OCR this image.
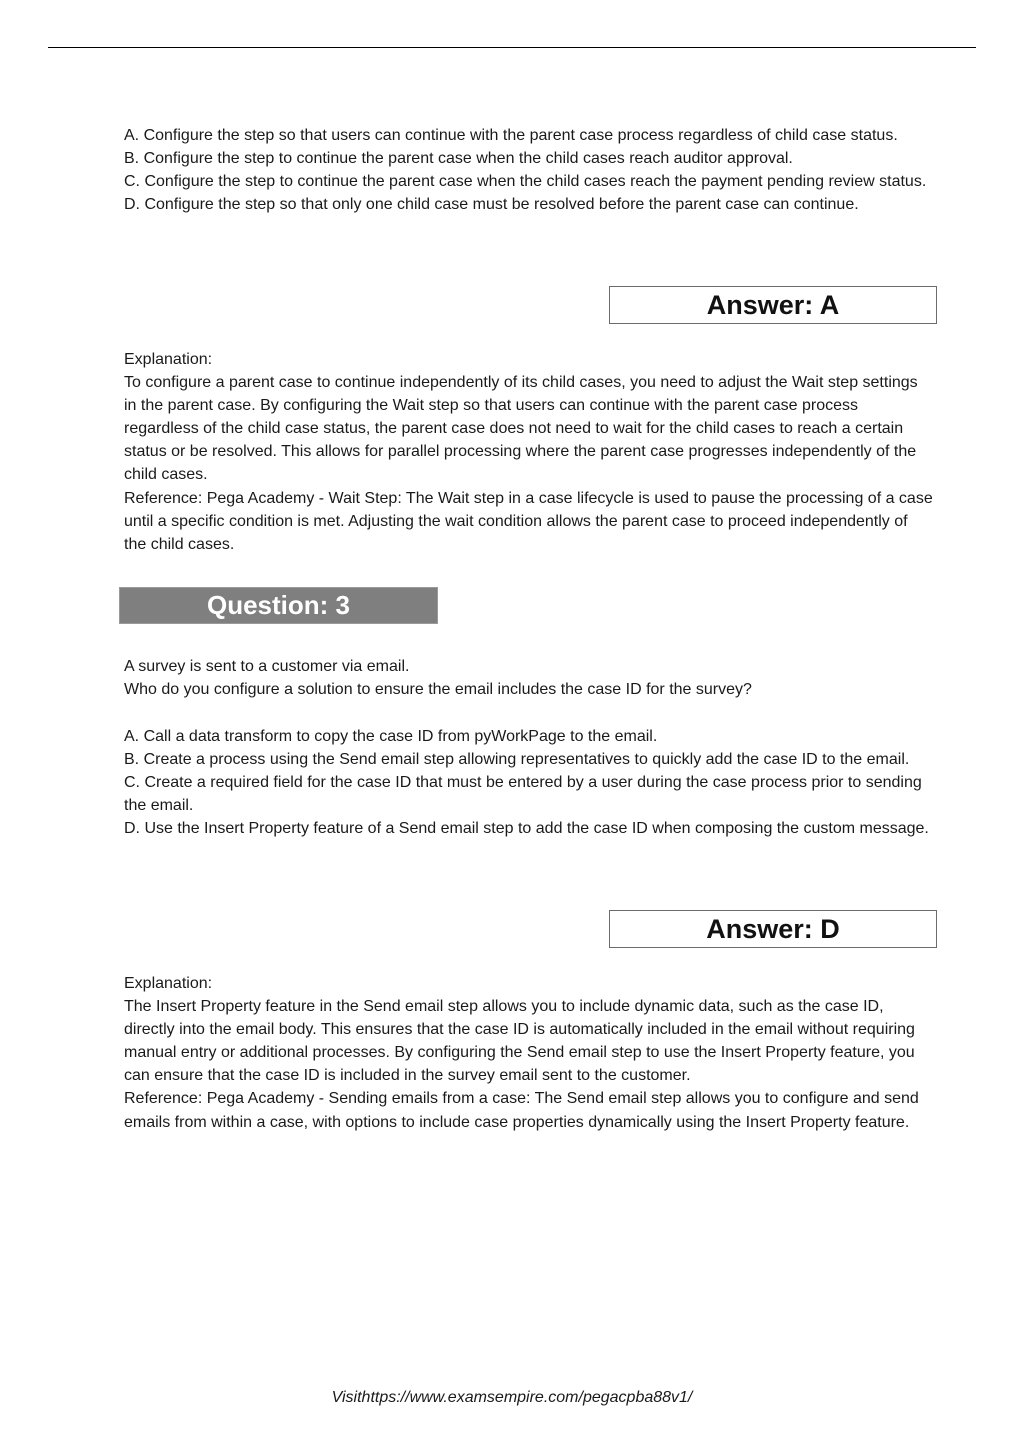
A. Configure the step so that users can continue with the parent case process regardless of child case status.

B. Configure the step to continue the parent case when the child cases reach auditor approval.

C. Configure the step to continue the parent case when the child cases reach the payment pending review status.

D. Configure the step so that only one child case must be resolved before the parent case can continue.

Answer: A

Explanation:

To configure a parent case to continue independently of its child cases, you need to adjust the Wait step settings in the parent case. By configuring the Wait step so that users can continue with the parent case process regardless of the child case status, the parent case does not need to wait for the child cases to reach a certain status or be resolved. This allows for parallel processing where the parent case progresses independently of the child cases.

Reference: Pega Academy - Wait Step: The Wait step in a case lifecycle is used to pause the processing of a case until a specific condition is met. Adjusting the wait condition allows the parent case to proceed independently of the child cases.

Question: 3

A survey is sent to a customer via email.

Who do you configure a solution to ensure the email includes the case ID for the survey?

A. Call a data transform to copy the case ID from pyWorkPage to the email.

B. Create a process using the Send email step allowing representatives to quickly add the case ID to the email.

C. Create a required field for the case ID that must be entered by a user during the case process prior to sending the email.

D. Use the Insert Property feature of a Send email step to add the case ID when composing the custom message.

Answer: D

Explanation:

The Insert Property feature in the Send email step allows you to include dynamic data, such as the case ID, directly into the email body. This ensures that the case ID is automatically included in the email without requiring manual entry or additional processes. By configuring the Send email step to use the Insert Property feature, you can ensure that the case ID is included in the survey email sent to the customer.

Reference: Pega Academy - Sending emails from a case: The Send email step allows you to configure and send emails from within a case, with options to include case properties dynamically using the Insert Property feature.

Visithttps://www.examsempire.com/pegacpba88v1/
